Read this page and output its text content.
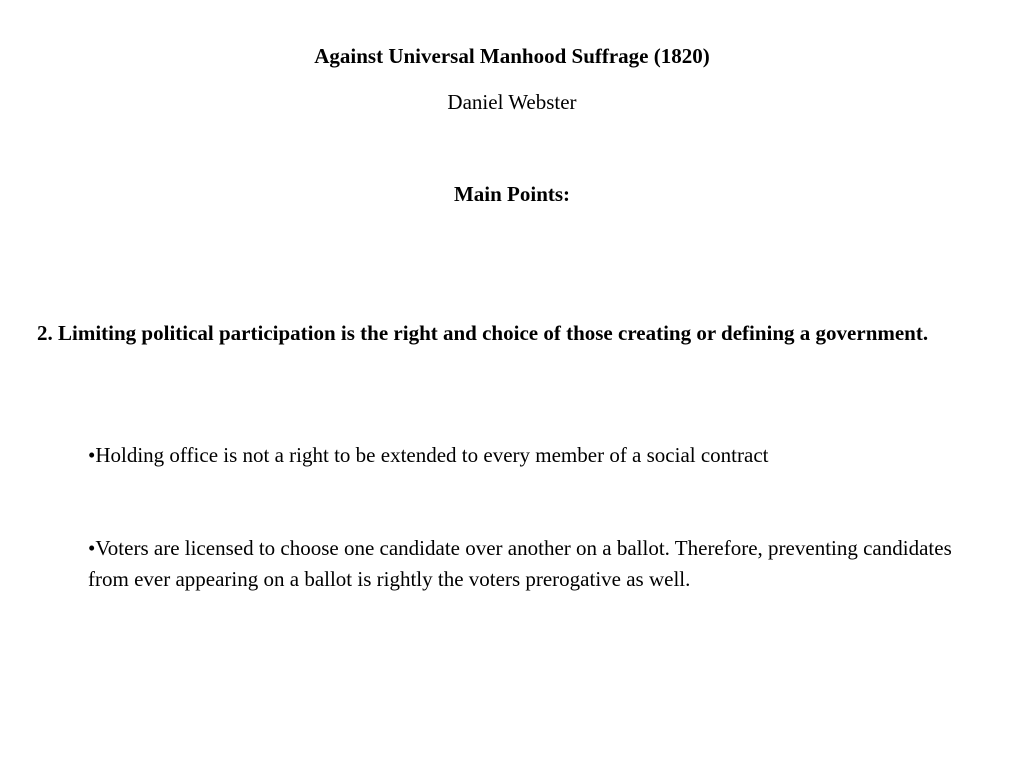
Against Universal Manhood Suffrage (1820)
Daniel Webster
Main Points:
2. Limiting political participation is the right and choice of those creating or defining a government.
•Holding office is not a right to be extended to every member of a social contract
•Voters are licensed to choose one candidate over another on a ballot. Therefore, preventing candidates from ever appearing on a ballot is rightly the voters prerogative as well.
